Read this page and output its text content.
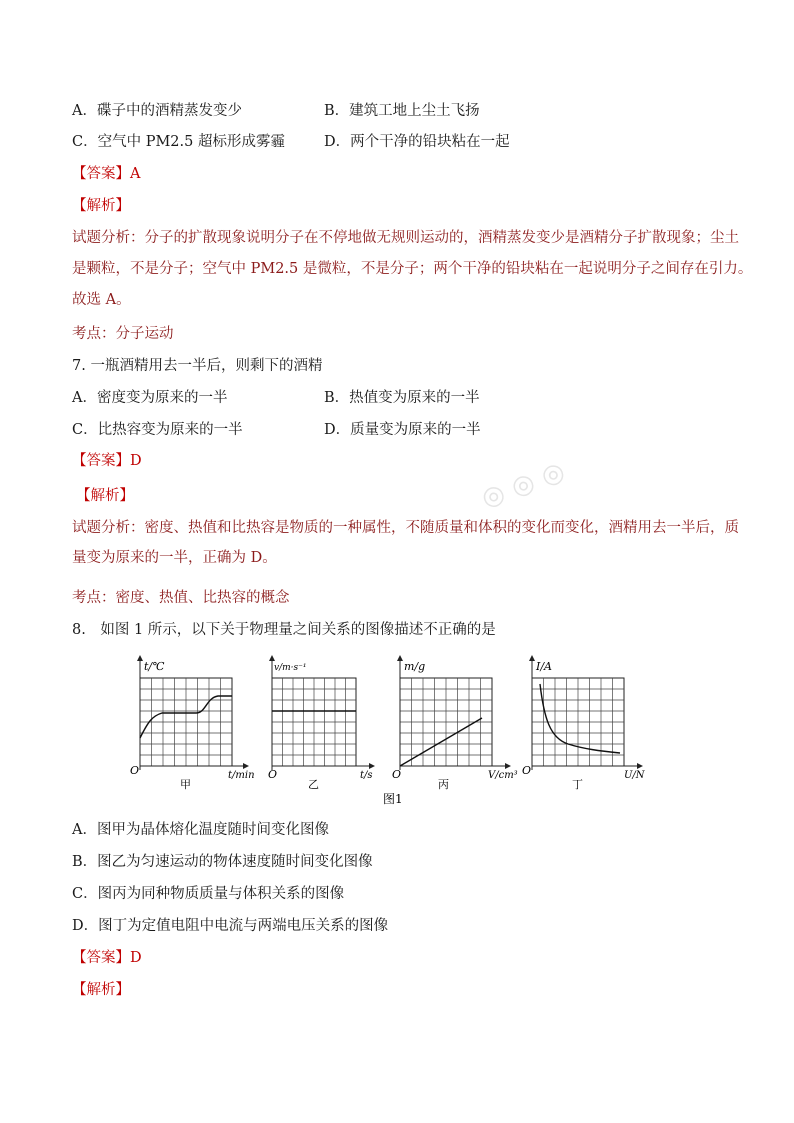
A．碟子中的酒精蒸发变少	B．建筑工地上尘土飞扬
C．空气中 PM2.5 超标形成雾霾	D．两个干净的铅块粘在一起
【答案】A
【解析】
试题分析：分子的扩散现象说明分子在不停地做无规则运动的，酒精蒸发变少是酒精分子扩散现象；尘土
是颗粒，不是分子；空气中 PM2.5 是微粒，不是分子；两个干净的铅块粘在一起说明分子之间存在引力。
故选 A。
考点：分子运动
7. 一瓶酒精用去一半后，则剩下的酒精
A．密度变为原来的一半	B．热值变为原来的一半
C．比热容变为原来的一半	D．质量变为原来的一半
【答案】D	◎ ◎ ◎
【解析】
试题分析：密度、热值和比热容是物质的一种属性，不随质量和体积的变化而变化，酒精用去一半后，质
量变为原来的一半，正确为 D。
考点：密度、热值、比热容的概念
8.　如图 1 所示，以下关于物理量之间关系的图像描述不正确的是
O
t/℃
t/min
甲
v/m·s⁻¹
t/s
乙
m/g
V/cm³
丙
O
I/A
U/N
丁
O	O
图1
A．图甲为晶体熔化温度随时间变化图像
B．图乙为匀速运动的物体速度随时间变化图像
C．图丙为同种物质质量与体积关系的图像
D．图丁为定值电阻中电流与两端电压关系的图像
【答案】D
【解析】
